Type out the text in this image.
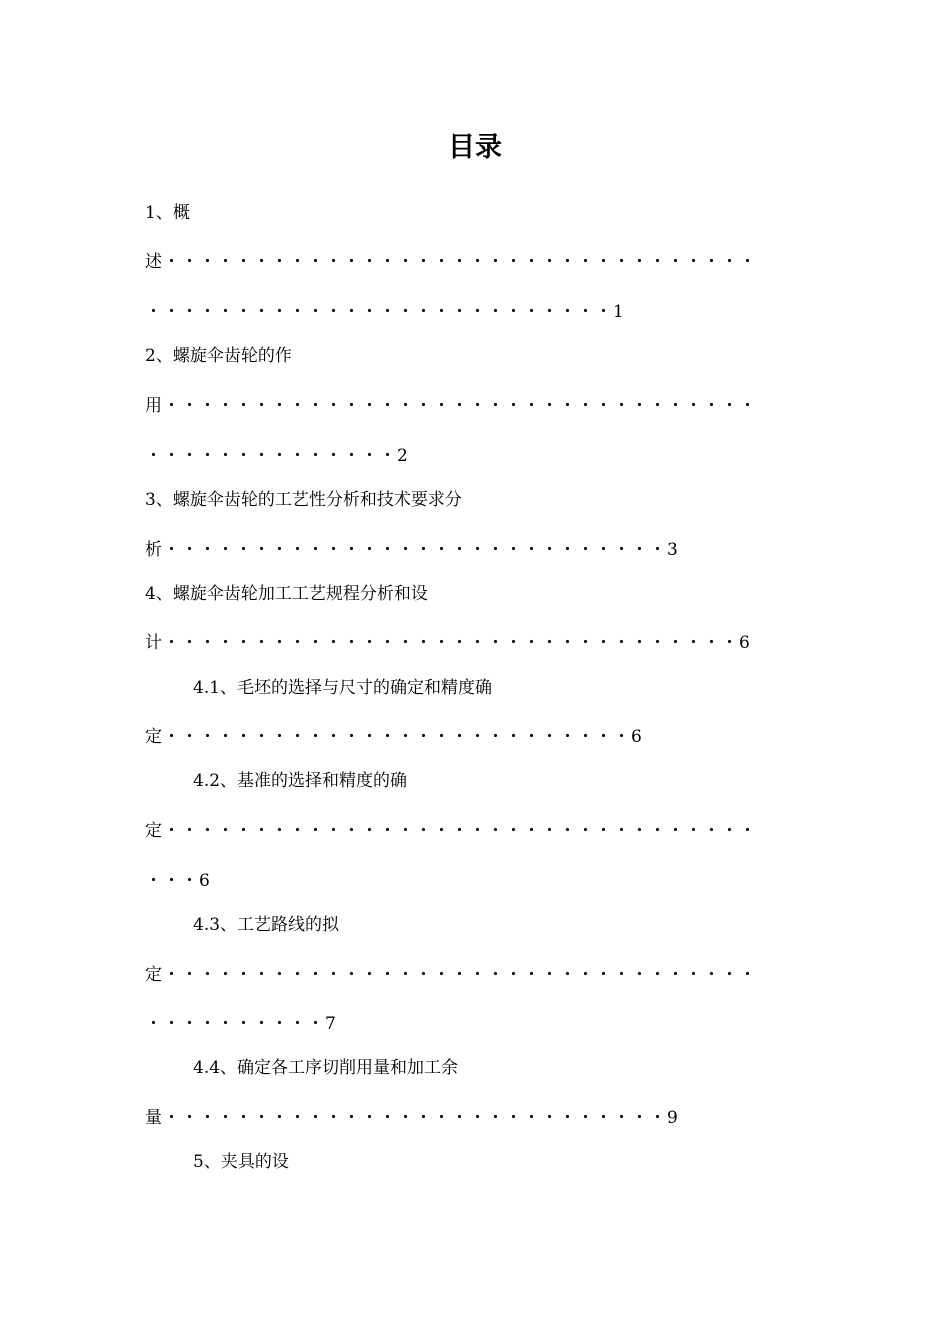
目录
1、概
述・・・・・・・・・・・・・・・・・・・・・・・・・・・・・・・・・
・・・・・・・・・・・・・・・・・・・・・・・・・・1
2、螺旋伞齿轮的作
用・・・・・・・・・・・・・・・・・・・・・・・・・・・・・・・・・
・・・・・・・・・・・・・・2
3、螺旋伞齿轮的工艺性分析和技术要求分
析・・・・・・・・・・・・・・・・・・・・・・・・・・・・3
4、螺旋伞齿轮加工工艺规程分析和设
计・・・・・・・・・・・・・・・・・・・・・・・・・・・・・・・・6
4.1、毛坯的选择与尺寸的确定和精度确
定・・・・・・・・・・・・・・・・・・・・・・・・・・6
4.2、基准的选择和精度的确
定・・・・・・・・・・・・・・・・・・・・・・・・・・・・・・・・・
・・・6
4.3、工艺路线的拟
定・・・・・・・・・・・・・・・・・・・・・・・・・・・・・・・・・
・・・・・・・・・・7
4.4、确定各工序切削用量和加工余
量・・・・・・・・・・・・・・・・・・・・・・・・・・・・9
5、夹具的设
